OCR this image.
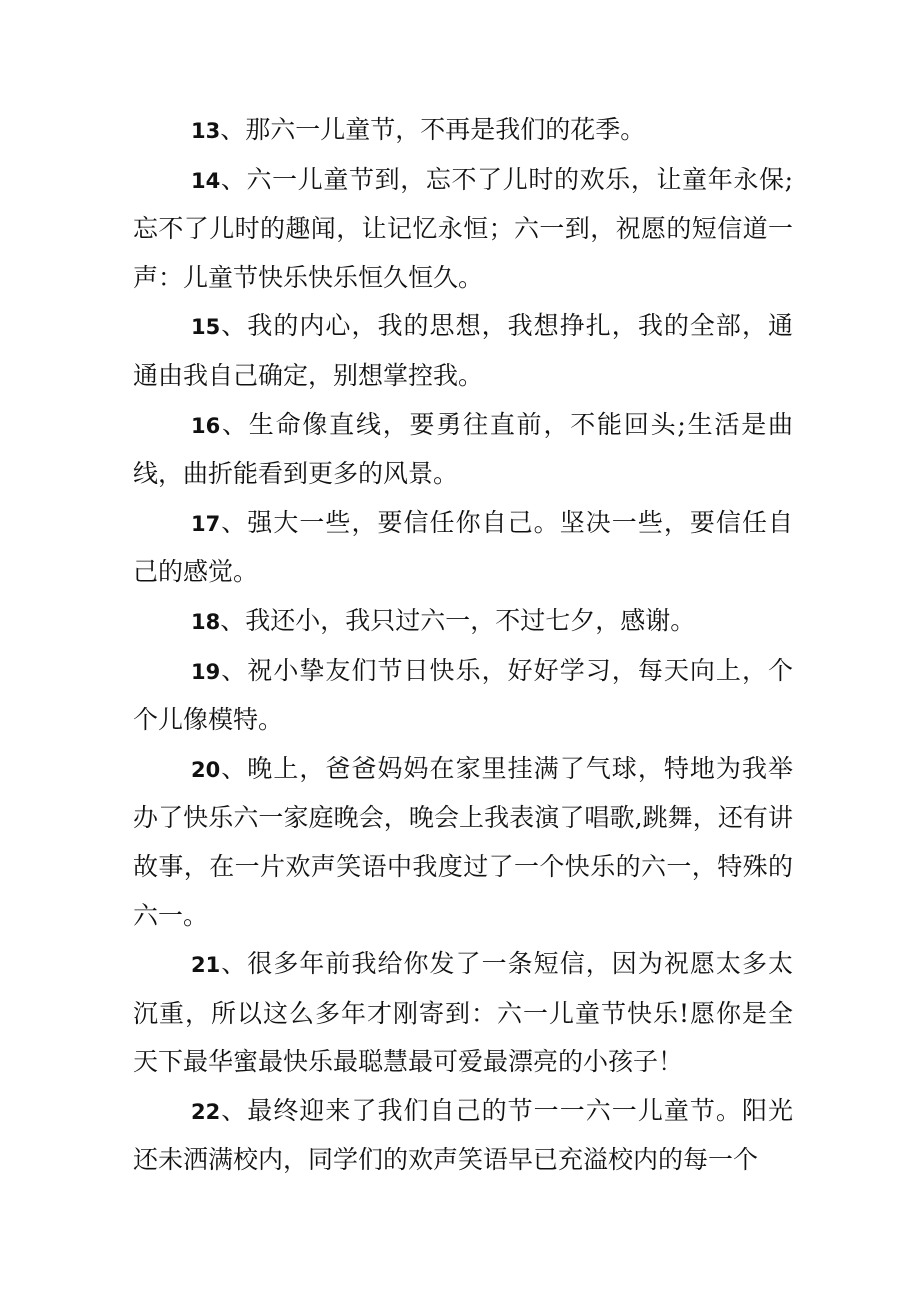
13、那六一儿童节，不再是我们的花季。

14、六一儿童节到，忘不了儿时的欢乐，让童年永保;忘不了儿时的趣闻，让记忆永恒；六一到，祝愿的短信道一声：儿童节快乐快乐恒久恒久。

15、我的内心，我的思想，我想挣扎，我的全部，通通由我自己确定，别想掌控我。

16、生命像直线，要勇往直前，不能回头;生活是曲线，曲折能看到更多的风景。

17、强大一些，要信任你自己。坚决一些，要信任自己的感觉。

18、我还小，我只过六一，不过七夕，感谢。

19、祝小挚友们节日快乐，好好学习，每天向上，个个儿像模特。

20、晚上，爸爸妈妈在家里挂满了气球，特地为我举办了快乐六一家庭晚会，晚会上我表演了唱歌,跳舞，还有讲故事，在一片欢声笑语中我度过了一个快乐的六一，特殊的六一。

21、很多年前我给你发了一条短信，因为祝愿太多太沉重，所以这么多年才刚寄到：六一儿童节快乐!愿你是全天下最华蜜最快乐最聪慧最可爱最漂亮的小孩子！

22、最终迎来了我们自己的节一一六一儿童节。阳光还未洒满校内，同学们的欢声笑语早已充溢校内的每一个
